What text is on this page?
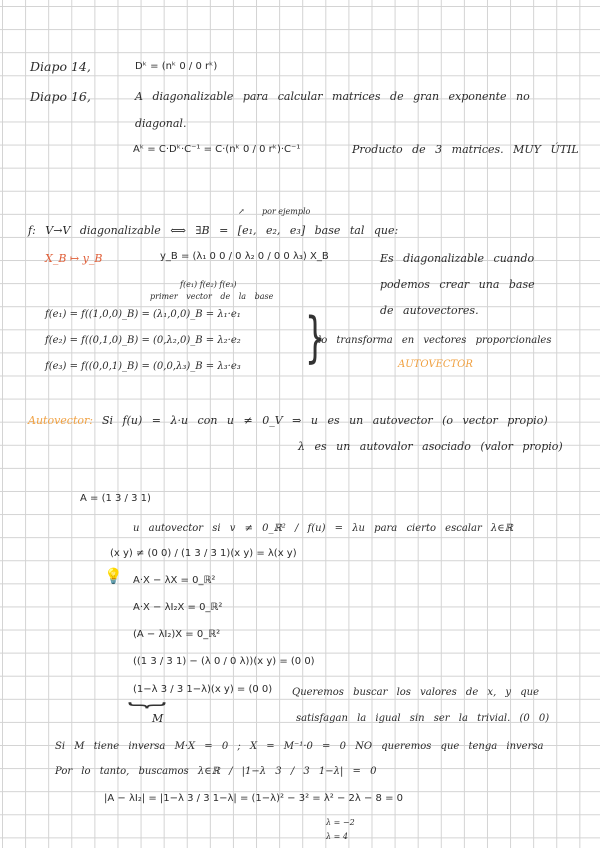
Diapo 14,	Dᵏ = (nᵏ 0 / 0 rᵏ)
Diapo 16,	A diagonalizable para calcular matrices de gran exponente no
diagonal.
Aᵏ = C·Dᵏ·C⁻¹ = C·(nᵏ 0 / 0 rᵏ)·C⁻¹	Producto de 3 matrices. MUY ÚTIL
por ejemplo
↗
f: V→V diagonalizable ⟺ ∃B = [e₁, e₂, e₃] base tal que:
X_B ↦ y_B	y_B = (λ₁ 0 0 / 0 λ₂ 0 / 0 0 λ₃) X_B
f(e₁) f(e₂) f(e₃)
Es diagonalizable cuando
podemos crear una base
de autovectores.
primer vector de la base
f(e₁) = f((1,0,0)_B) = (λ₁,0,0)_B = λ₁·e₁
f(e₂) = f((0,1,0)_B) = (0,λ₂,0)_B = λ₂·e₂
f(e₃) = f((0,0,1)_B) = (0,0,λ₃)_B = λ₃·e₃ }
lo transforma en vectores proporcionales
AUTOVECTOR
Autovector: Si f(u) = λ·u con u ≠ 0_V ⇒ u es un autovector (o vector propio)
λ es un autovalor asociado (valor propio)
A = (1 3 / 3 1)
u autovector si v ≠ 0_ℝ² / f(u) = λu para cierto escalar λ∈ℝ
(x y) ≠ (0 0) / (1 3 / 3 1)(x y) = λ(x y)
💡 A·X − λX = 0_ℝ²
A·X − λI₂X = 0_ℝ²
(A − λI₂)X = 0_ℝ²
((1 3 / 3 1) − (λ 0 / 0 λ))(x y) = (0 0)
(1−λ 3 / 3 1−λ)(x y) = (0 0)
}
M
Queremos buscar los valores de x, y que
satisfagan la igual sin ser la trivial. (0 0)
Si M tiene inversa M·X = 0 ; X = M⁻¹·0 = 0 NO queremos que tenga inversa
Por lo tanto, buscamos λ∈ℝ / |1−λ 3 / 3 1−λ| = 0
|A − λI₂| = |1−λ 3 / 3 1−λ| = (1−λ)² − 3² = λ² − 2λ − 8 = 0
λ = −2
λ = 4
